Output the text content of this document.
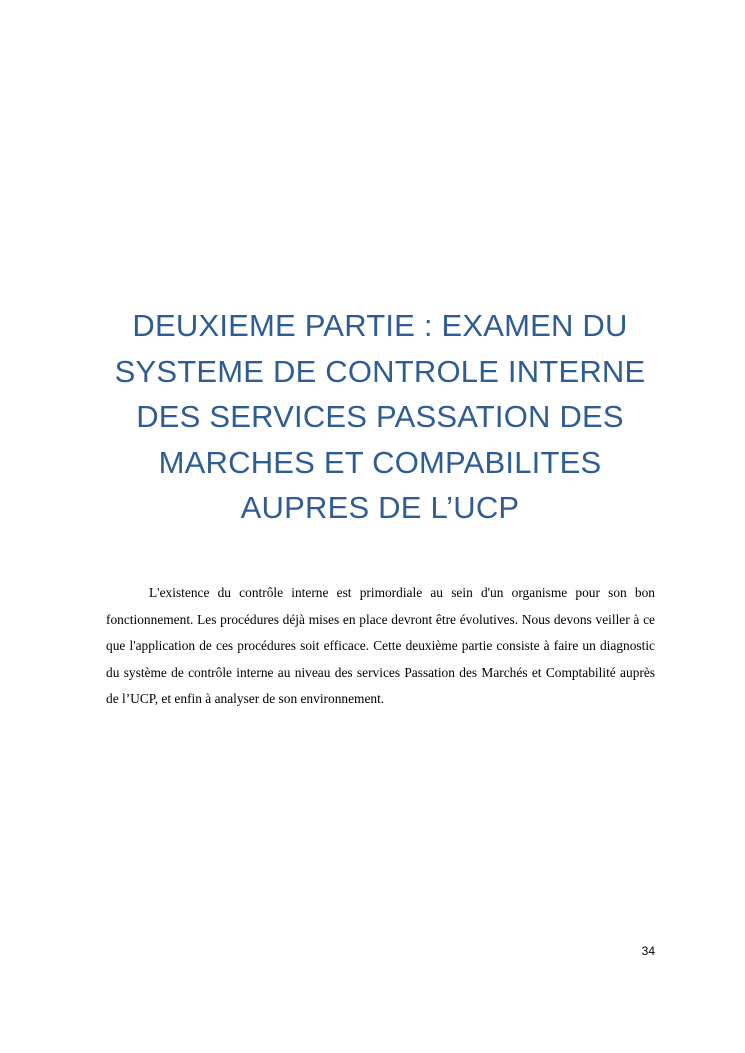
DEUXIEME PARTIE : EXAMEN DU
SYSTEME DE CONTROLE INTERNE
DES SERVICES PASSATION DES
MARCHES ET COMPABILITES
AUPRES DE L’UCP

L'existence du contrôle interne est primordiale au sein d'un organisme pour son bon fonctionnement. Les procédures déjà mises en place devront être évolutives. Nous devons veiller à ce que l'application de ces procédures soit efficace. Cette deuxième partie consiste à faire un diagnostic du système de contrôle interne au niveau des services Passation des Marchés et Comptabilité auprès de l’UCP, et enfin à analyser de son environnement.

34
